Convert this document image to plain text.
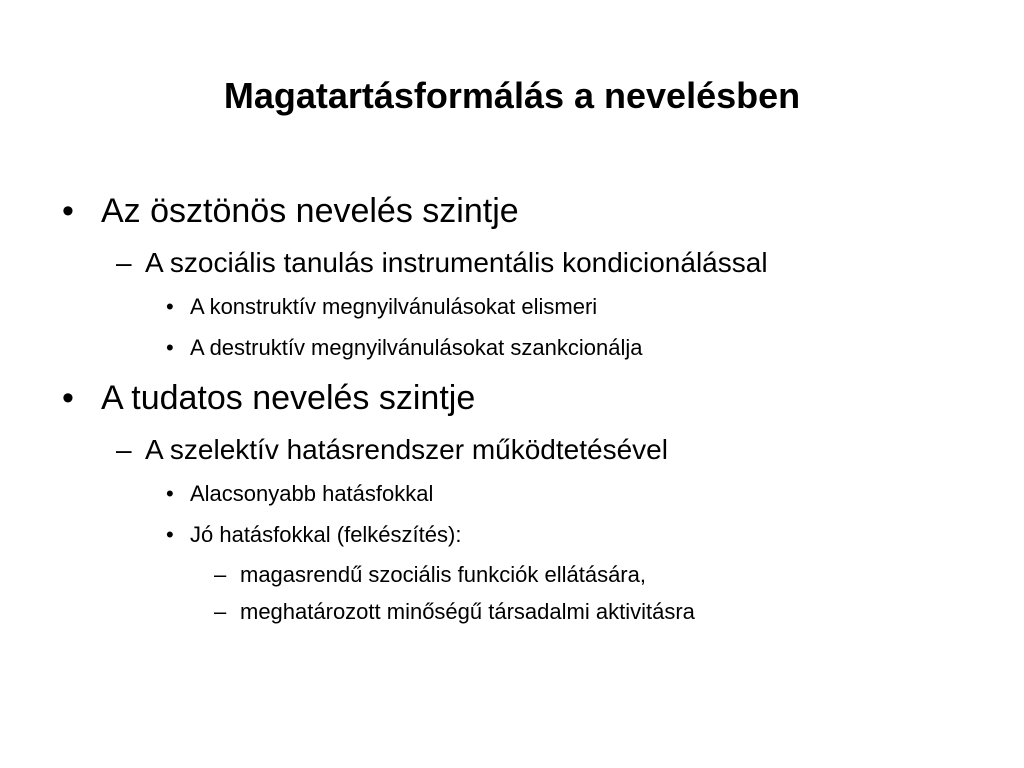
Magatartásformálás a nevelésben
• Az ösztönös nevelés szintje
– A szociális tanulás instrumentális kondicionálással
• A konstruktív megnyilvánulásokat elismeri
• A destruktív megnyilvánulásokat szankcionálja
• A tudatos nevelés szintje
– A szelektív hatásrendszer működtetésével
• Alacsonyabb hatásfokkal
• Jó hatásfokkal (felkészítés):
– magasrendű szociális funkciók ellátására,
– meghatározott minőségű társadalmi aktivitásra
